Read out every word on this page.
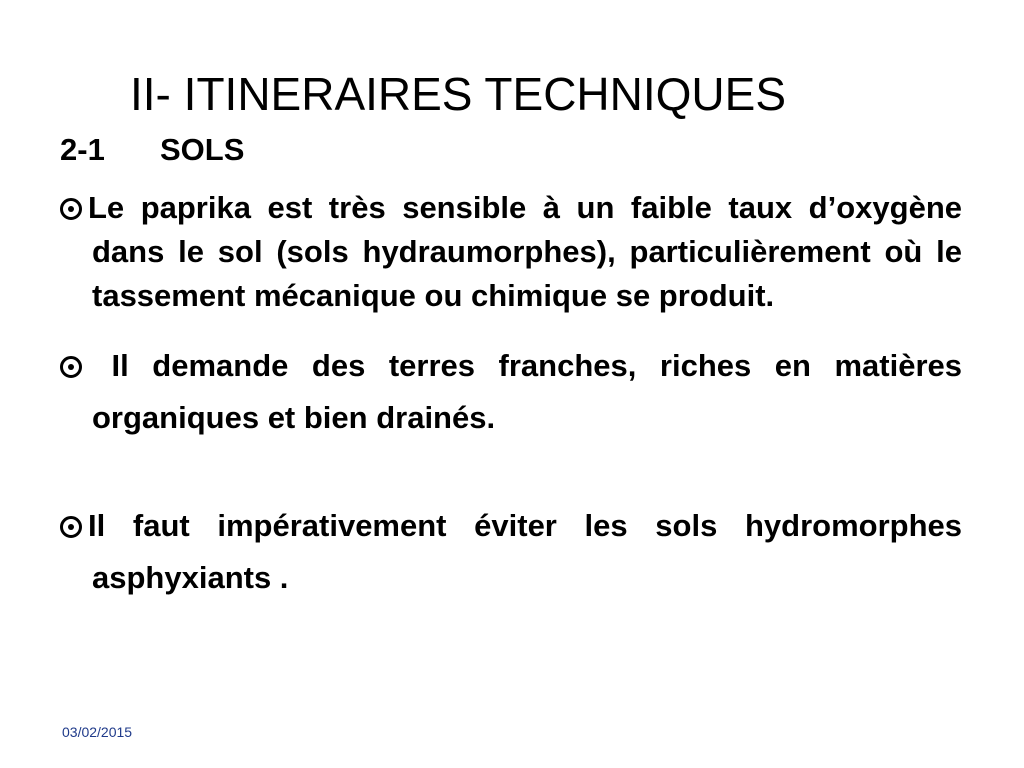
II- ITINERAIRES TECHNIQUES
2-1 SOLS
Le paprika est très sensible à un faible taux d’oxygène dans le sol (sols hydraumorphes), particulièrement où le tassement mécanique ou chimique se produit.
Il demande des terres franches, riches en matières organiques et bien drainés.
Il faut impérativement éviter les sols hydromorphes asphyxiants .
03/02/2015
